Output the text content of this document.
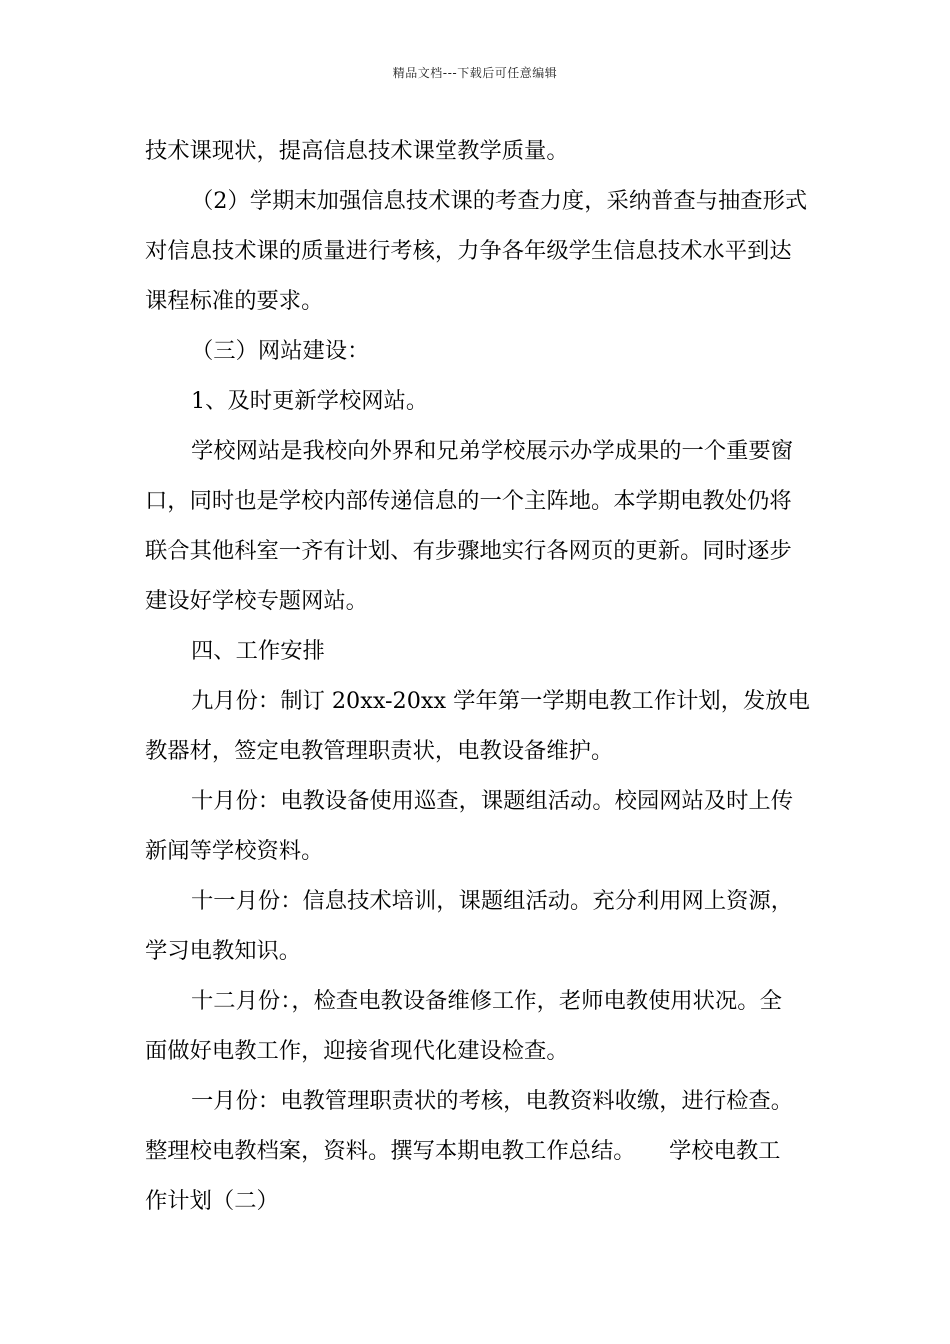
精品文档---下载后可任意编辑
技术课现状，提高信息技术课堂教学质量。
（2）学期末加强信息技术课的考查力度，采纳普查与抽查形式
对信息技术课的质量进行考核，力争各年级学生信息技术水平到达
课程标准的要求。
（三）网站建设：
1、及时更新学校网站。
学校网站是我校向外界和兄弟学校展示办学成果的一个重要窗
口，同时也是学校内部传递信息的一个主阵地。本学期电教处仍将
联合其他科室一齐有计划、有步骤地实行各网页的更新。同时逐步
建设好学校专题网站。
四、工作安排
九月份：制订 20xx-20xx 学年第一学期电教工作计划，发放电
教器材，签定电教管理职责状，电教设备维护。
十月份：电教设备使用巡查，课题组活动。校园网站及时上传
新闻等学校资料。
十一月份：信息技术培训，课题组活动。充分利用网上资源，
学习电教知识。
十二月份：，检查电教设备维修工作，老师电教使用状况。全
面做好电教工作，迎接省现代化建设检查。
一月份：电教管理职责状的考核，电教资料收缴，进行检查。
整理校电教档案，资料。撰写本期电教工作总结。　　学校电教工
作计划（二）
